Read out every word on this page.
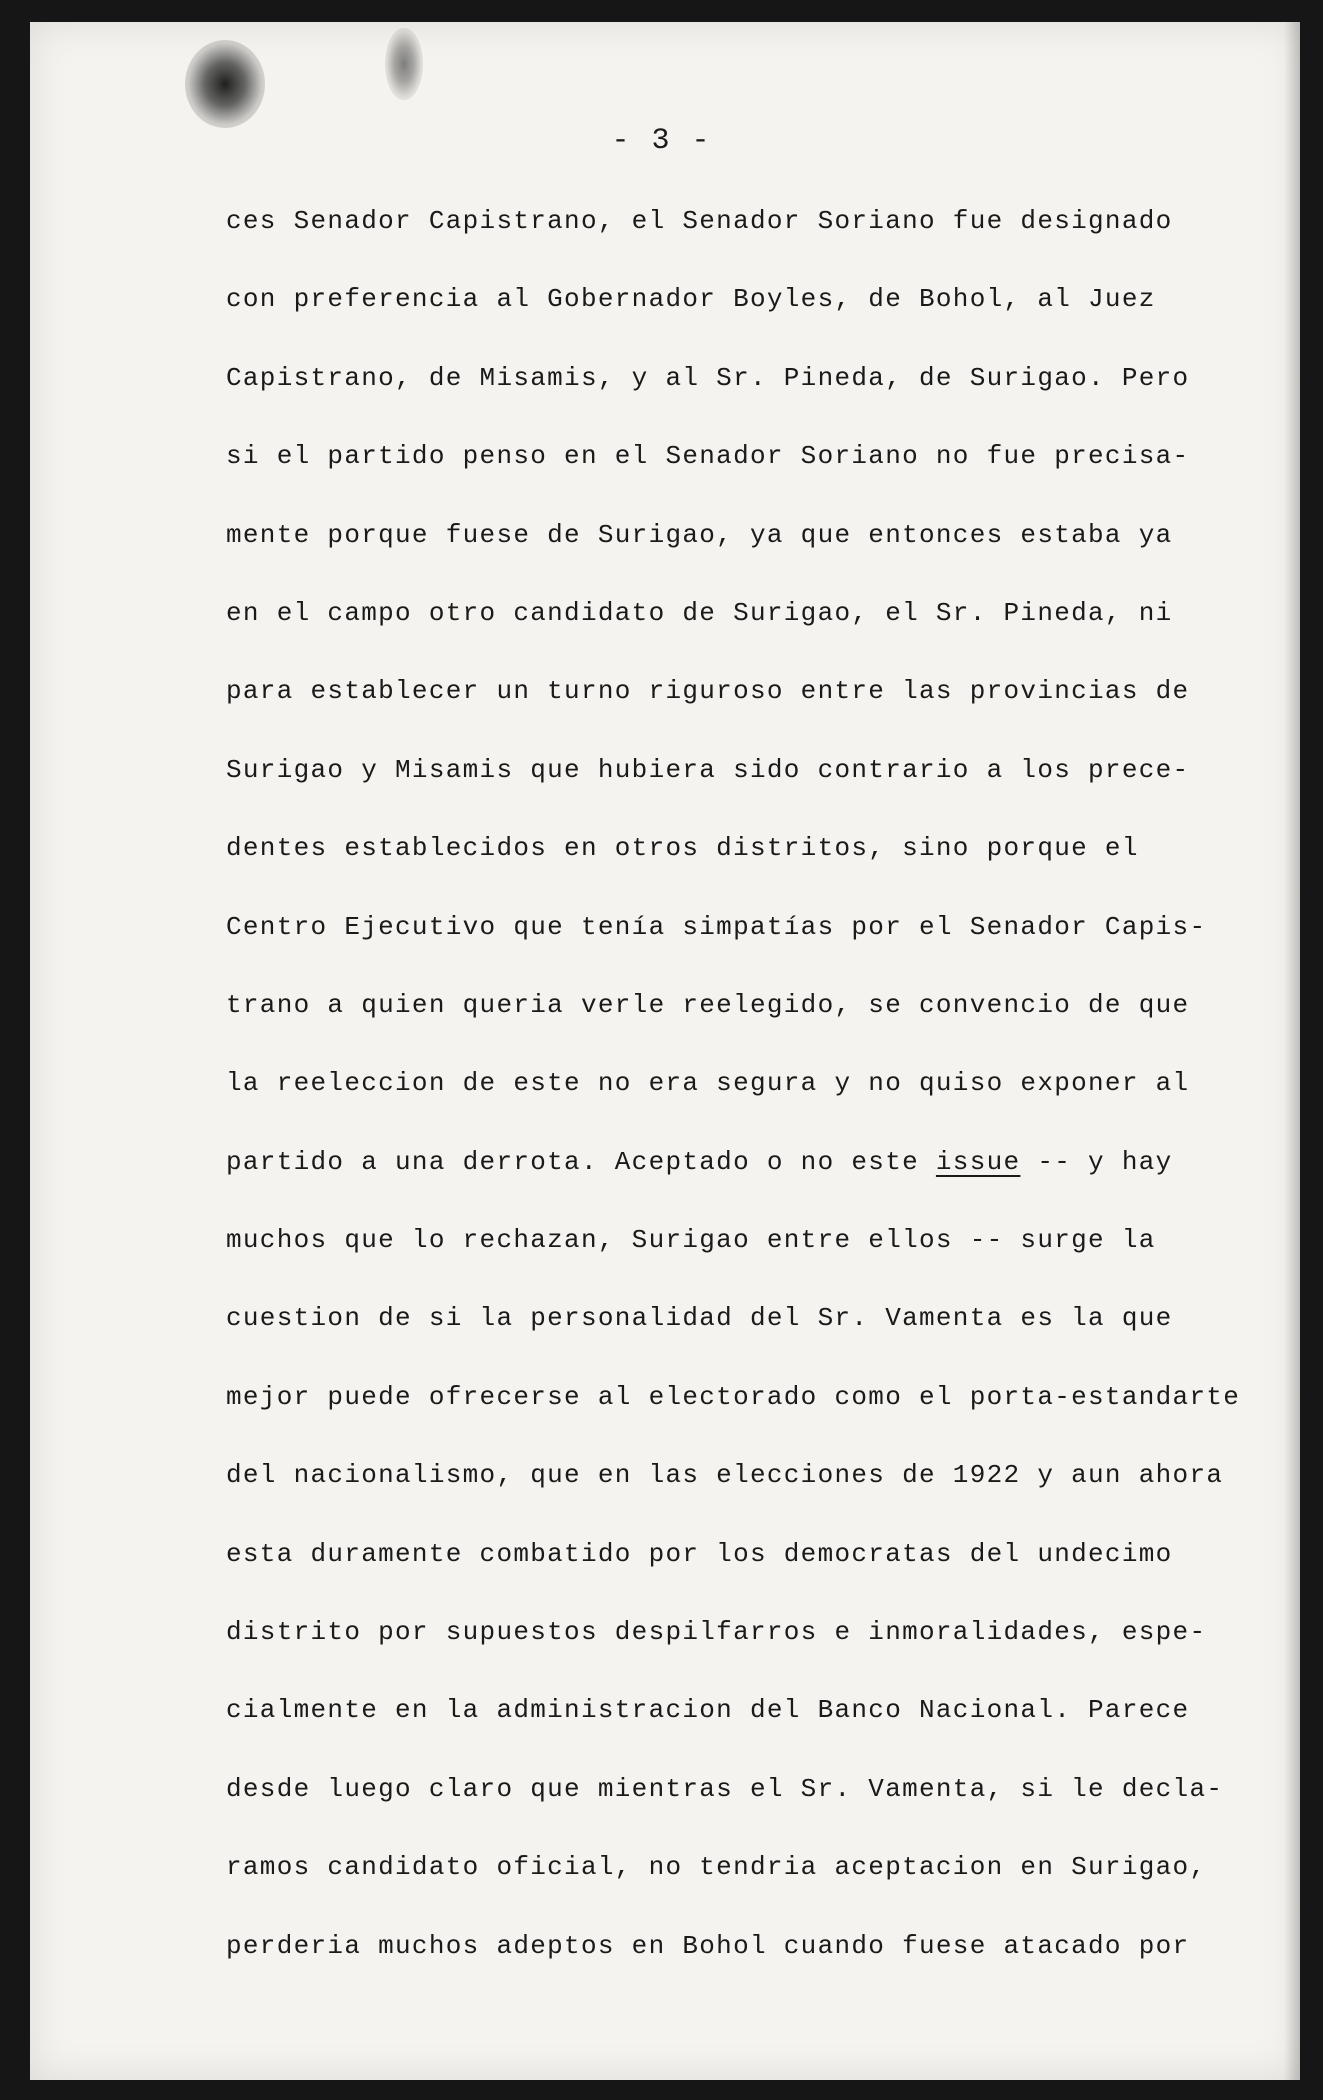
- 3 -
ces Senador Capistrano, el Senador Soriano fue designado
con preferencia al Gobernador Boyles, de Bohol, al Juez
Capistrano, de Misamis, y al Sr. Pineda, de Surigao. Pero
si el partido penso en el Senador Soriano no fue precisa-
mente porque fuese de Surigao, ya que entonces estaba ya
en el campo otro candidato de Surigao, el Sr. Pineda, ni
para establecer un turno riguroso entre las provincias de
Surigao y Misamis que hubiera sido contrario a los prece-
dentes establecidos en otros distritos, sino porque el
Centro Ejecutivo que tenía simpatías por el Senador Capis-
trano a quien queria verle reelegido, se convencio de que
la reeleccion de este no era segura y no quiso exponer al
partido a una derrota. Aceptado o no este issue -- y hay
muchos que lo rechazan, Surigao entre ellos -- surge la
cuestion de si la personalidad del Sr. Vamenta es la que
mejor puede ofrecerse al electorado como el porta-estandarte
del nacionalismo, que en las elecciones de 1922 y aun ahora
esta duramente combatido por los democratas del undecimo
distrito por supuestos despilfarros e inmoralidades, espe-
cialmente en la administracion del Banco Nacional. Parece
desde luego claro que mientras el Sr. Vamenta, si le decla-
ramos candidato oficial, no tendria aceptacion en Surigao,
perderia muchos adeptos en Bohol cuando fuese atacado por
